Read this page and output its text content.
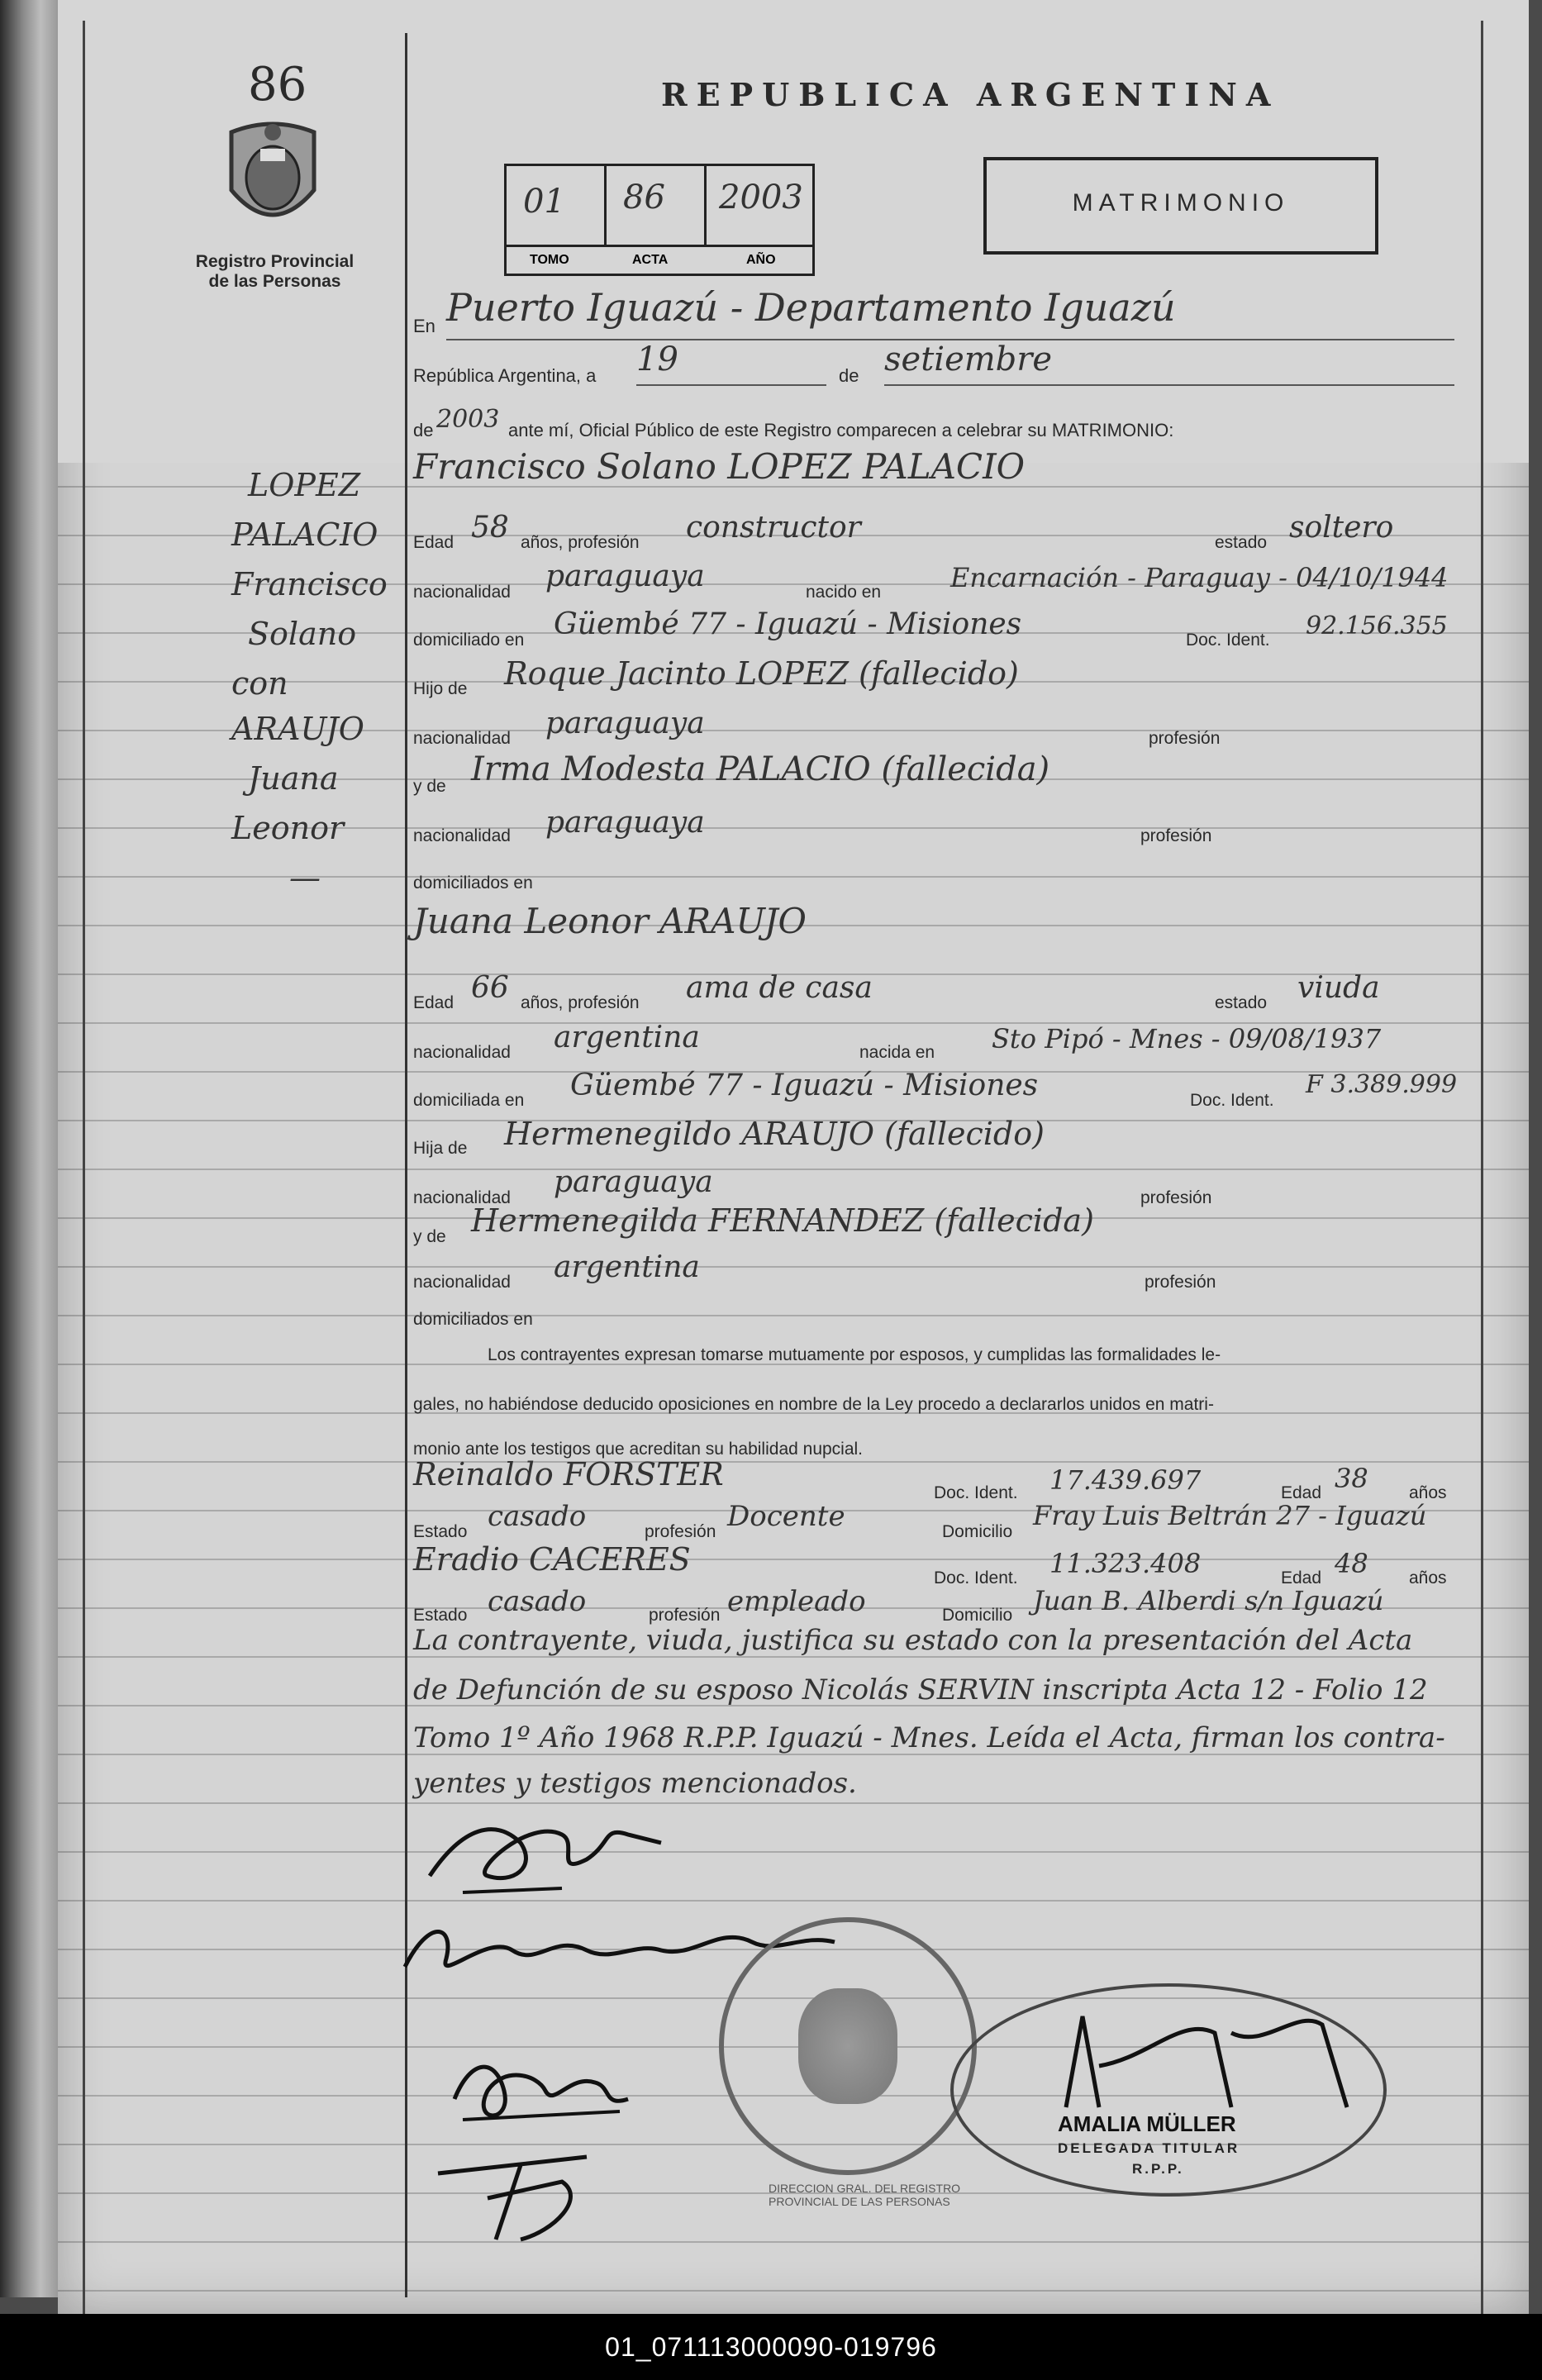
86
Registro Provincial
de las Personas
REPUBLICA ARGENTINA
01 86 2003
TOMO	ACTA	AÑO
MATRIMONIO
LOPEZ
PALACIO
Francisco
Solano
con
ARAUJO
Juana
Leonor
—
En Puerto Iguazú - Departamento Iguazú
República Argentina, a 19	de setiembre
de 2003 ante mí, Oficial Público de este Registro comparecen a celebrar su MATRIMONIO:
Francisco Solano LOPEZ PALACIO
Edad 58 años, profesión constructor	estado soltero
nacionalidad paraguaya	nacido en	Encarnación - Paraguay - 04/10/1944
domiciliado en Güembé 77 - Iguazú - Misiones	Doc. Ident. 92.156.355
Hijo de Roque Jacinto LOPEZ (fallecido)
nacionalidad paraguaya	profesión
y de Irma Modesta PALACIO (fallecida)
nacionalidad paraguaya	profesión
domiciliados en
Juana Leonor ARAUJO
Edad 66 años, profesión ama de casa	estado viuda
nacionalidad argentina	nacida en Sto Pipó - Mnes - 09/08/1937
domiciliada en Güembé 77 - Iguazú - Misiones	Doc. Ident.
F 3.389.999
Hija de Hermenegildo ARAUJO (fallecido)
nacionalidad paraguaya	profesión
y de Hermenegilda FERNANDEZ (fallecida)
nacionalidad argentina	profesión
domiciliados en
Los contrayentes expresan tomarse mutuamente por esposos, y cumplidas las formalidades le-
gales, no habiéndose deducido oposiciones en nombre de la Ley procedo a declararlos unidos en matri-
monio ante los testigos que acreditan su habilidad nupcial.
Reinaldo FORSTER
Doc. Ident. 17.439.697	Edad 38 años
Estado casado	profesión Docente	Domicilio
Fray Luis Beltrán 27 - Iguazú
Eradio CACERES
Doc. Ident. 11.323.408	Edad 48 años
Estado casado	profesión empleado	Domicilio Juan B. Alberdi s/n Iguazú
La contrayente, viuda, justifica su estado con la presentación del Acta
de Defunción de su esposo Nicolás SERVIN inscripta Acta 12 - Folio 12
Tomo 1º Año 1968 R.P.P. Iguazú - Mnes. Leída el Acta, firman los contra-
yentes y testigos mencionados.
DIRECCION GRAL. DEL REGISTRO PROVINCIAL DE LAS PERSONAS
AMALIA MÜLLER
DELEGADA TITULAR
R.P.P.
01_071113000090-019796
